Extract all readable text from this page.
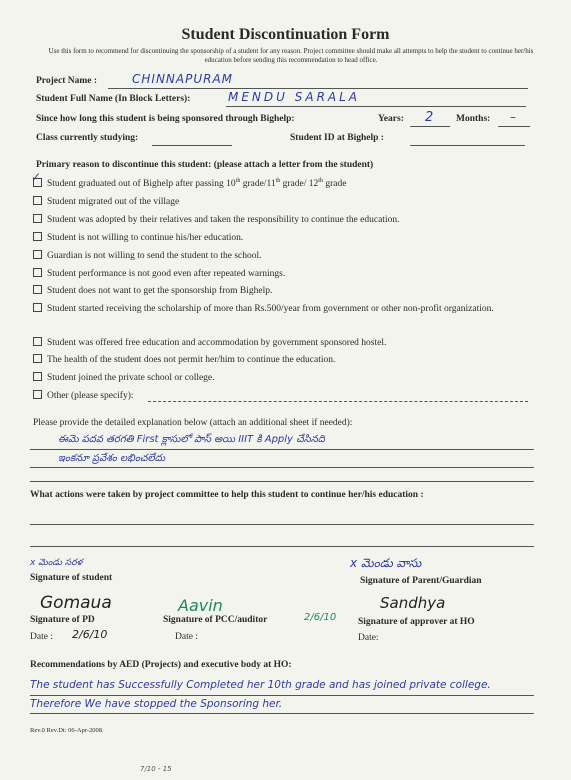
Student Discontinuation Form
Use this form to recommend for discontinuing the sponsorship of a student for any reason. Project committee should make all attempts to help the student to continue her/his education before sending this recommendation to head office.
Project Name :	CHINNAPURAM
Student Full Name (In Block Letters):	MENDU SARALA
Since how long this student is being sponsored through Bighelp:	Years: 2 Months: –
Class currently studying:	Student ID at Bighelp :
Primary reason to discontinue this student: (please attach a letter from the student)
✓
Student graduated out of Bighelp after passing 10th grade/11th grade/ 12th grade
Student migrated out of the village
Student was adopted by their relatives and taken the responsibility to continue the education.
Student is not willing to continue his/her education.
Guardian is not willing to send the student to the school.
Student performance is not good even after repeated warnings.
Student does not want to get the sponsorship from Bighelp.
Student started receiving the scholarship of more than Rs.500/year from government or other non-profit organization.
Student was offered free education and accommodation by government sponsored hostel.
The health of the student does not permit her/him to continue the education.
Student joined the private school or college.
Other (please specify):
Please provide the detailed explanation below (attach an additional sheet if needed):
ఈమె పదవ తరగతి First క్లాసులో పాస్ అయి IIIT కి Apply చేసినది
ఇంకనూ ప్రవేశం లభించలేదు
What actions were taken by project committee to help this student to continue her/his education :
x మెండు సరళ
Signature of student
x మెండు వాసు
Signature of Parent/Guardian
Gomaua
Signature of PD
Date : 2/6/10
Aavin
2/6/10
Signature of PCC/auditor
Date :
Sandhya
Signature of approver at HO
Date:
Recommendations by AED (Projects) and executive body at HO:
The student has Successfully Completed her 10th grade and has joined private college.
Therefore We have stopped the Sponsoring her.
Rev.0 Rev.Dt: 06-Apr-2008
7/10 - 15
